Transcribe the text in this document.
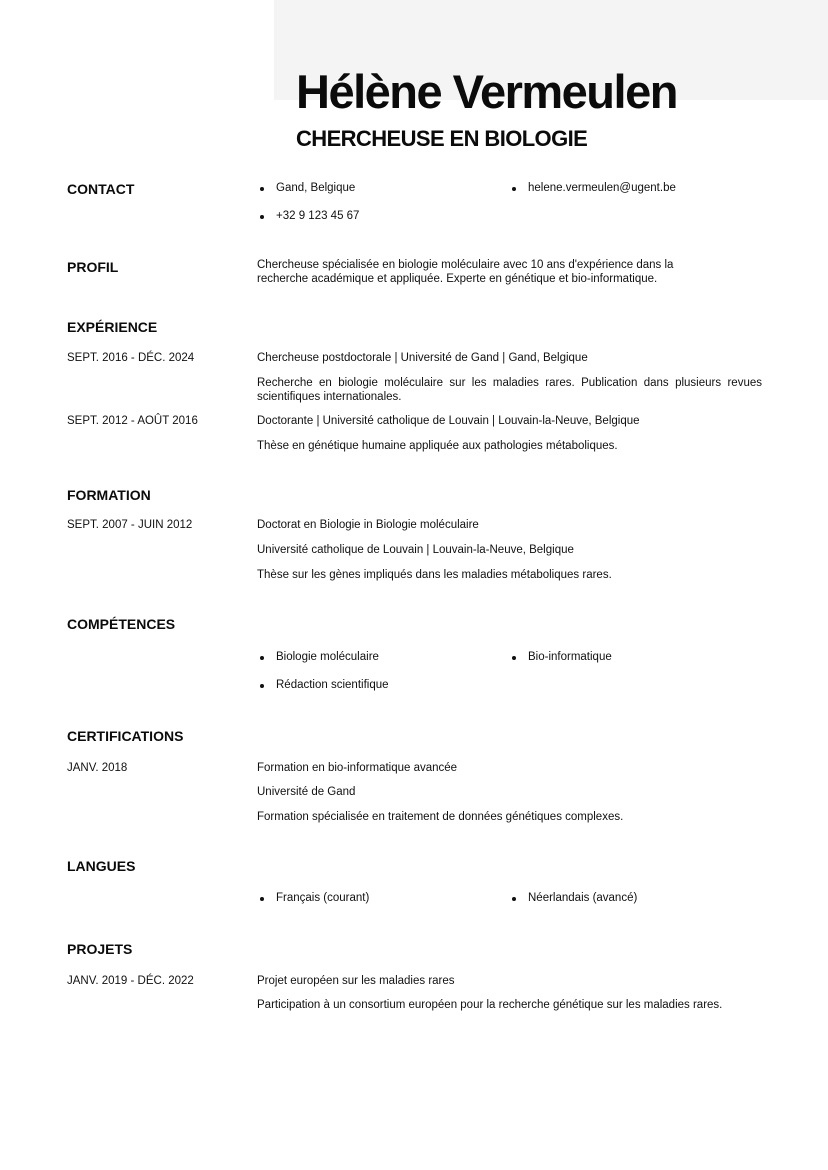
Hélène Vermeulen
CHERCHEUSE EN BIOLOGIE
CONTACT	Gand, Belgique	helene.vermeulen@ugent.be
+32 9 123 45 67
PROFIL	Chercheuse spécialisée en biologie moléculaire avec 10 ans d'expérience dans la recherche académique et appliquée. Experte en génétique et bio-informatique.
EXPÉRIENCE
SEPT. 2016 - DÉC. 2024	Chercheuse postdoctorale | Université de Gand | Gand, Belgique
Recherche en biologie moléculaire sur les maladies rares. Publication dans plusieurs revues scientifiques internationales.
SEPT. 2012 - AOÛT 2016	Doctorante | Université catholique de Louvain | Louvain-la-Neuve, Belgique
Thèse en génétique humaine appliquée aux pathologies métaboliques.
FORMATION
SEPT. 2007 - JUIN 2012	Doctorat en Biologie in Biologie moléculaire
Université catholique de Louvain | Louvain-la-Neuve, Belgique
Thèse sur les gènes impliqués dans les maladies métaboliques rares.
COMPÉTENCES
Biologie moléculaire	Bio-informatique
Rédaction scientifique
CERTIFICATIONS
JANV. 2018	Formation en bio-informatique avancée
Université de Gand
Formation spécialisée en traitement de données génétiques complexes.
LANGUES
Français (courant)	Néerlandais (avancé)
PROJETS
JANV. 2019 - DÉC. 2022	Projet européen sur les maladies rares
Participation à un consortium européen pour la recherche génétique sur les maladies rares.
